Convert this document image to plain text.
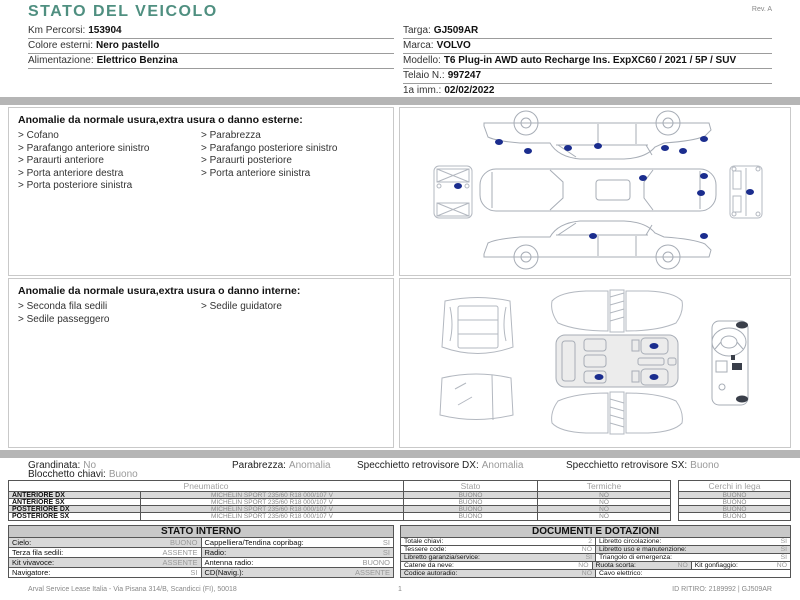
STATO DEL VEICOLO	Rev. A
Km Percorsi: 153904
Colore esterni: Nero pastello
Alimentazione: Elettrico Benzina
Targa: GJ509AR
Marca: VOLVO
Modello: T6 Plug-in AWD auto Recharge Ins. ExpXC60 / 2021 / 5P / SUV
Telaio N.: 997247
1a imm.: 02/02/2022
Anomalie da normale usura,extra usura o danno esterne:
> Cofano
> Parafango anteriore sinistro
> Paraurti anteriore
> Porta anteriore destra
> Porta posteriore sinistra
> Parabrezza
> Parafango posteriore sinistro
> Paraurti posteriore
> Porta anteriore sinistra
Anomalie da normale usura,extra usura o danno interne:
> Seconda fila sedili
> Sedile passeggero
> Sedile guidatore
Grandinata: No	Parabrezza: Anomalia	Specchietto retrovisore DX: Anomalia	Specchietto retrovisore SX: Buono
Blocchetto chiavi: Buono
Pneumatico	Stato	Termiche
ANTERIORE DX	MICHELIN SPORT 235/60 R18 000/107 V	BUONO	NO
ANTERIORE SX	MICHELIN SPORT 235/60 R18 000/107 V	BUONO	NO
POSTERIORE DX	MICHELIN SPORT 235/60 R18 000/107 V	BUONO	NO
POSTERIORE SX	MICHELIN SPORT 235/60 R18 000/107 V	BUONO	NO
Cerchi in lega
BUONO
BUONO
BUONO
BUONO
STATO INTERNO
Cielo:	BUONO Cappelliera/Tendina copribag:	SI
Terza fila sedili:	ASSENTE Radio:	SI
Kit vivavoce:	ASSENTE Antenna radio:	BUONO
Navigatore:	SI CD(Navig.):	ASSENTE
DOCUMENTI E DOTAZIONI
Totale chiavi:	2 Libretto circolazione:	SI
Tessere code:	NO Libretto uso e manutenzione:	SI
Libretto garanzia/service:	SI Triangolo di emergenza:	SI
Catene da neve:	NO Ruota scorta:	NO Kit gonfiaggio:	NO
Codice autoradio:	NO Cavo elettrico:
Arval Service Lease Italia - Via Pisana 314/B, Scandicci (FI), 50018	1	ID RITIRO: 2189992 | GJ509AR
